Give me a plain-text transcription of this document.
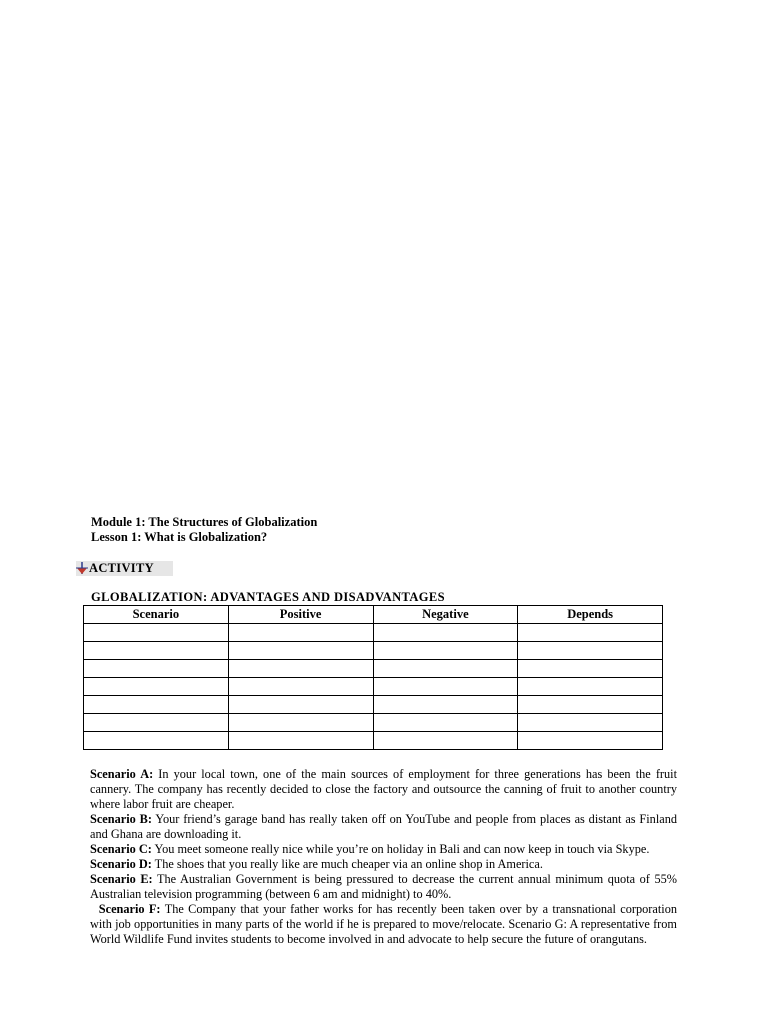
Module 1: The Structures of Globalization
Lesson 1: What is Globalization?
ACTIVITY
GLOBALIZATION: ADVANTAGES AND DISADVANTAGES
Scenario	Positive	Negative	Depends

Scenario A: In your local town, one of the main sources of employment for three generations has been the fruit cannery. The company has recently decided to close the factory and outsource the canning of fruit to another country where labor fruit are cheaper.

Scenario B: Your friend’s garage band has really taken off on YouTube and people from places as distant as Finland and Ghana are downloading it.

Scenario C: You meet someone really nice while you’re on holiday in Bali and can now keep in touch via Skype.

Scenario D: The shoes that you really like are much cheaper via an online shop in America.

Scenario E: The Australian Government is being pressured to decrease the current annual minimum quota of 55% Australian television programming (between 6 am and midnight) to 40%.

Scenario F: The Company that your father works for has recently been taken over by a transnational corporation with job opportunities in many parts of the world if he is prepared to move/relocate. Scenario G: A representative from World Wildlife Fund invites students to become involved in and advocate to help secure the future of orangutans.
